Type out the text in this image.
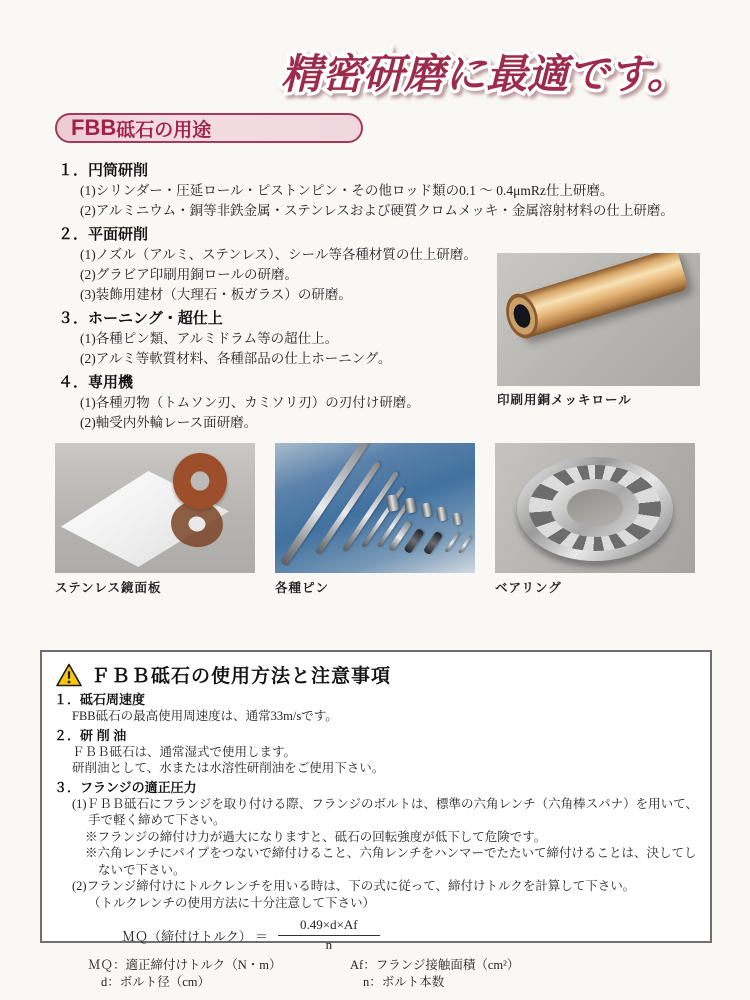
精密研磨に最適です。
FBB 砥石の用途
１．円筒研削
(1)シリンダー・圧延ロール・ピストンピン・その他ロッド類の0.1 ～ 0.4μmRz仕上研磨。
(2)アルミニウム・銅等非鉄金属・ステンレスおよび硬質クロムメッキ・金属溶射材料の仕上研磨。
２．平面研削
(1)ノズル（アルミ、ステンレス）、シール等各種材質の仕上研磨。
(2)グラビア印刷用銅ロールの研磨。
(3)装飾用建材（大理石・板ガラス）の研磨。
３．ホーニング・超仕上
(1)各種ピン類、アルミドラム等の超仕上。
(2)アルミ等軟質材料、各種部品の仕上ホーニング。
４．専用機
(1)各種刃物（トムソン刃、カミソリ刃）の刃付け研磨。
(2)軸受内外輪レース面研磨。
印刷用銅メッキロール
ステンレス鏡面板	各種ピン	ベアリング
ＦＢＢ砥石の使用方法と注意事項
１．砥石周速度
FBB砥石の最高使用周速度は、通常33m/sです。
２．研 削 油
ＦＢＢ砥石は、通常湿式で使用します。
研削油として、水または水溶性研削油をご使用下さい。
３．フランジの適正圧力
(1)ＦＢＢ砥石にフランジを取り付ける際、フランジのボルトは、標準の六角レンチ（六角棒スパナ）を用いて、手で軽く締めて下さい。
※フランジの締付け力が過大になりますと、砥石の回転強度が低下して危険です。
※六角レンチにパイプをつないで締付けること、六角レンチをハンマーでたたいて締付けることは、決してしないで下さい。
(2)フランジ締付けにトルクレンチを用いる時は、下の式に従って、締付けトルクを計算して下さい。
（トルクレンチの使用方法に十分注意して下さい）
ＭＱ（締付けトルク） ＝ $\frac{0.49\times d\times Af}{n}$
ＭＱ：適正締付けトルク（N・m）	Af：フランジ接触面積（cm²）
d：ボルト径（cm）	n：ボルト本数
